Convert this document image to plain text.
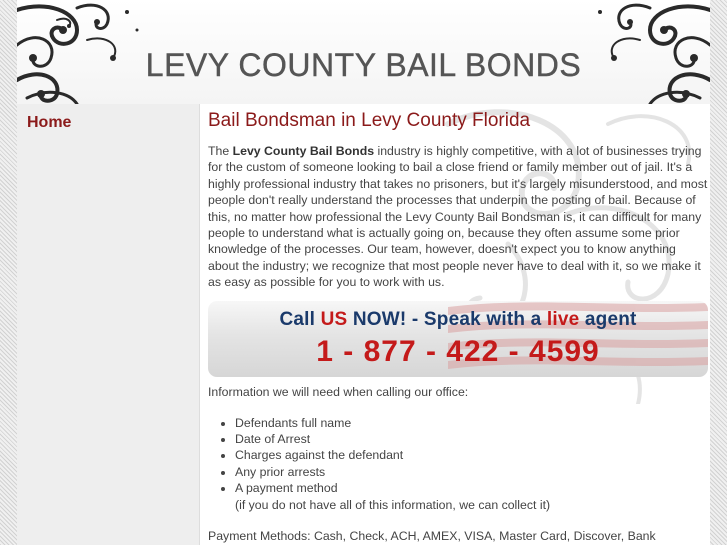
LEVY COUNTY BAIL BONDS
Home	Bail Bondsman in Levy County Florida

The Levy County Bail Bonds industry is highly competitive, with a lot of businesses trying for the custom of someone looking to bail a close friend or family member out of jail. It's a highly professional industry that takes no prisoners, but it's largely misunderstood, and most people don't really understand the processes that underpin the posting of bail. Because of this, no matter how professional the Levy County Bail Bondsman is, it can difficult for many people to understand what is actually going on, because they often assume some prior knowledge of the processes. Our team, however, doesn't expect you to know anything about the industry; we recognize that most people never have to deal with it, so we make it as easy as possible for you to work with us.

Call US NOW! - Speak with a live agent
1 - 877 - 422 - 4599

Information we will need when calling our office:

• Defendants full name
• Date of Arrest
• Charges against the defendant
• Any prior arrests
• A payment method
(if you do not have all of this information, we can collect it)

Payment Methods: Cash, Check, ACH, AMEX, VISA, Master Card, Discover, Bank
